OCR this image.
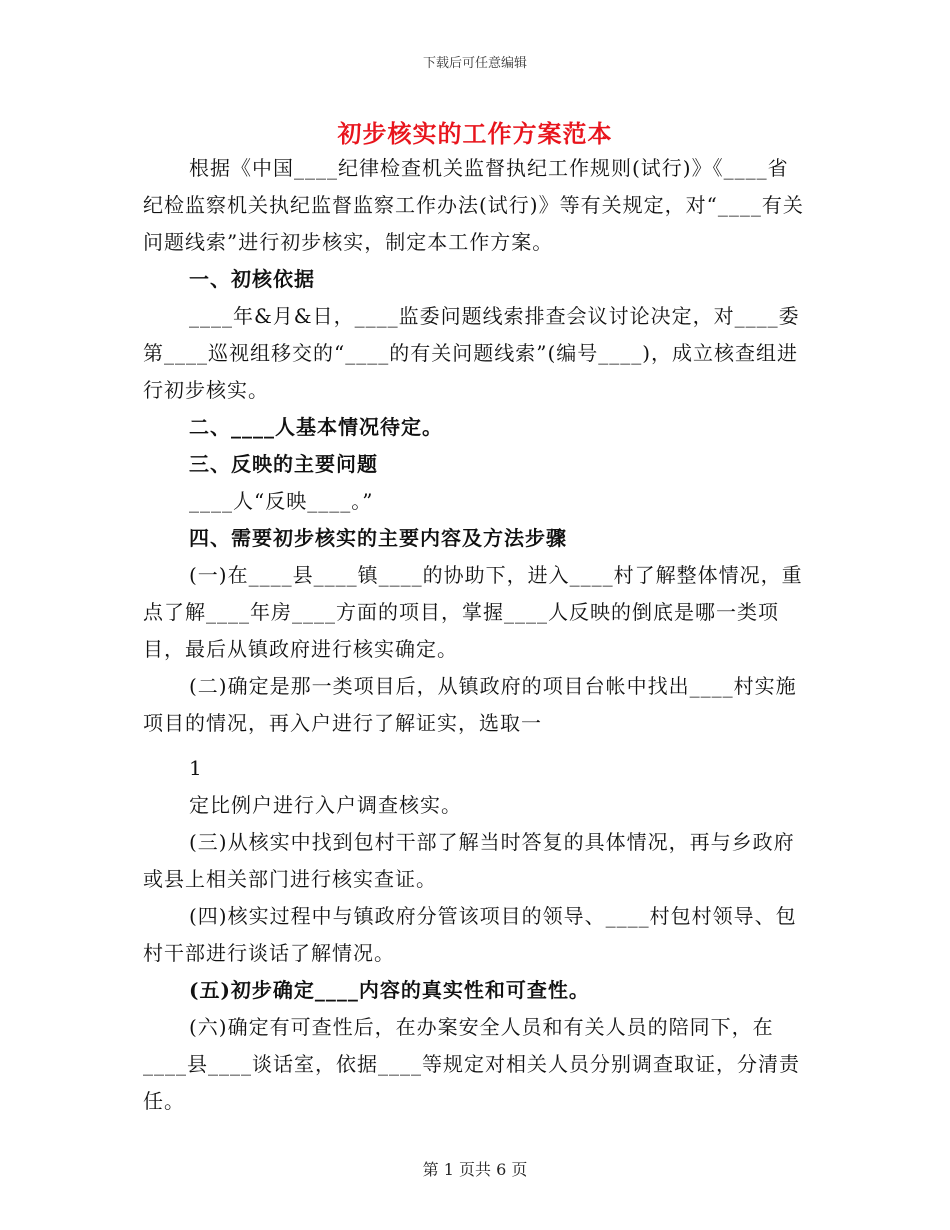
下载后可任意编辑
初步核实的工作方案范本

根据《中国____纪律检查机关监督执纪工作规则(试行)》《____省纪检监察机关执纪监督监察工作办法(试行)》等有关规定，对“____有关问题线索”进行初步核实，制定本工作方案。

一、初核依据

____年&月&日，____监委问题线索排查会议讨论决定，对____委第____巡视组移交的“____的有关问题线索”(编号____)，成立核查组进行初步核实。

二、____人基本情况待定。

三、反映的主要问题

____人“反映____。”

四、需要初步核实的主要内容及方法步骤

(一)在____县____镇____的协助下，进入____村了解整体情况，重点了解____年房____方面的项目，掌握____人反映的倒底是哪一类项目，最后从镇政府进行核实确定。

(二)确定是那一类项目后，从镇政府的项目台帐中找出____村实施项目的情况，再入户进行了解证实，选取一

1

定比例户进行入户调查核实。

(三)从核实中找到包村干部了解当时答复的具体情况，再与乡政府或县上相关部门进行核实查证。

(四)核实过程中与镇政府分管该项目的领导、____村包村领导、包村干部进行谈话了解情况。

(五)初步确定____内容的真实性和可查性。

(六)确定有可查性后，在办案安全人员和有关人员的陪同下，在____县____谈话室，依据____等规定对相关人员分别调查取证，分清责任。

第 1 页共 6 页
